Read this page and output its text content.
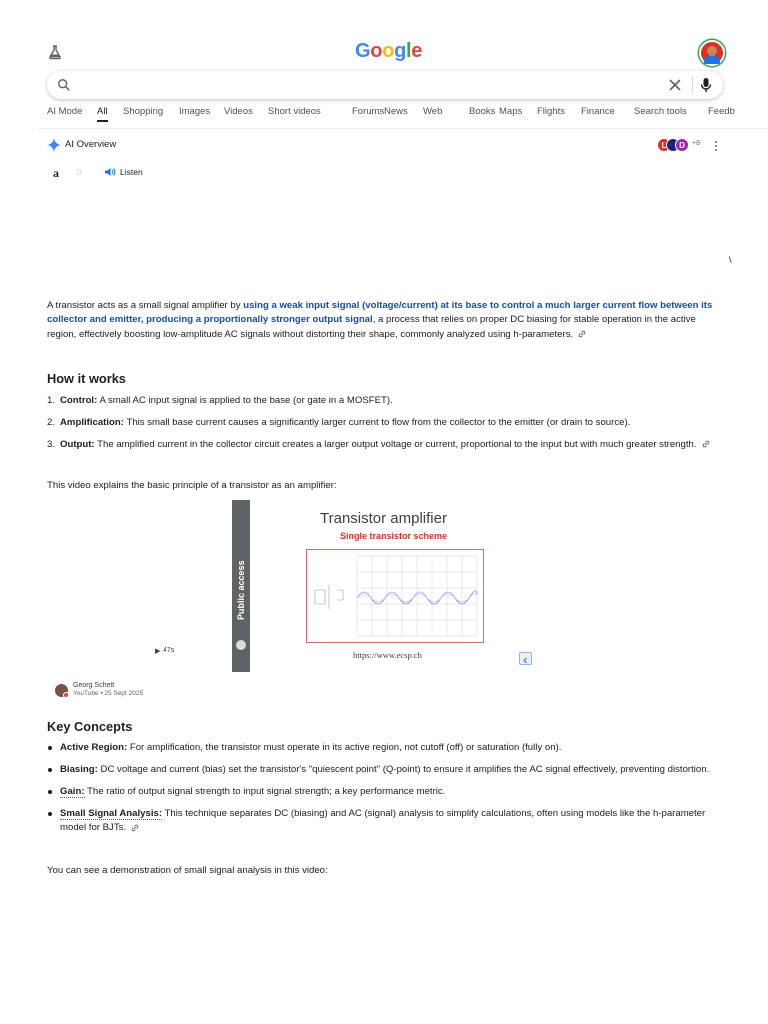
Google
AI Mode All Shopping Images Videos Short videos	Forums News Web	Books Maps Flights Finance Search tools Feedb
AI Overview	L	D	+8
a a	Listen
\
A transistor acts as a small signal amplifier by using a weak input signal (voltage/current) at its base to control a much larger current flow between its collector and emitter, producing a proportionally stronger output signal, a process that relies on proper DC biasing for stable operation in the active region, effectively boosting low-amplitude AC signals without distorting their shape, commonly analyzed using h-parameters.
How it works
1. Control: A small AC input signal is applied to the base (or gate in a MOSFET).
2. Amplification: This small base current causes a significantly larger current to flow from the collector to the emitter (or drain to source).
3. Output: The amplified current in the collector circuit creates a larger output voltage or current, proportional to the input but with much greater strength.
This video explains the basic principle of a transistor as an amplifier:
Public access
Transistor amplifier
Single transistor scheme
https://www.ecsp.ch
▶ 47s
Georg Schett
YouTube • 25 Sept 2025
Key Concepts
Active Region: For amplification, the transistor must operate in its active region, not cutoff (off) or saturation (fully on).
Biasing: DC voltage and current (bias) set the transistor's "quiescent point" (Q-point) to ensure it amplifies the AC signal effectively, preventing distortion.
Gain: The ratio of output signal strength to input signal strength; a key performance metric.
Small Signal Analysis: This technique separates DC (biasing) and AC (signal) analysis to simplify calculations, often using models like the h-parameter model for BJTs.
You can see a demonstration of small signal analysis in this video:
